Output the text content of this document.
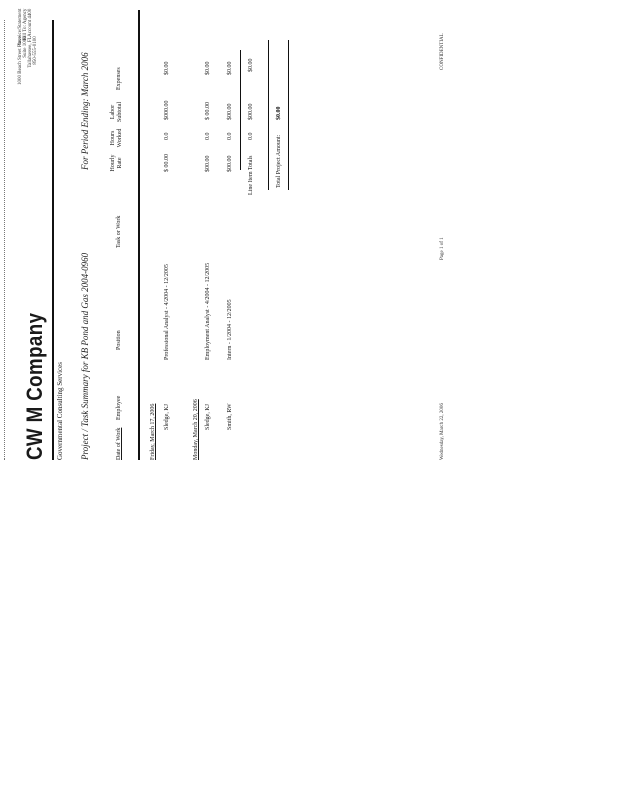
1000 Beach Street Place Suite 1000 Tallahassee, FL 850-555-0100
Invoice/Statement Bill To: Agency Account 4400
CW M Company Governmental Consulting Services Project / Task Summary for KB Pond and Gas 2004-0960
For Period Ending: March 2006
Date of Work
Employee
Position
Task or Work
Hourly Rate
Hours Worked
Labor Subtotal
Expenses
Friday, March 17, 2006 Sledge, KJ
Professional Analyst - 4/2004 - 12/2005
$ 00.00
0.0
$000.00
$0.00
Monday, March 20, 2006 Sledge, KJ
Employment Analyst - 4/2004 - 12/2005
$00.00
0.0
$ 00.00
$0.00
Smith, RW
Intern - 1/2004 - 12/2005
$00.00
0.0
$00.00
$0.00
Line Item Totals
0.0
$00.00
$0.00
Total Project Amount:
$0.00
Wednesday, March 22, 2006
Page 1 of 1
CONFIDENTIAL
